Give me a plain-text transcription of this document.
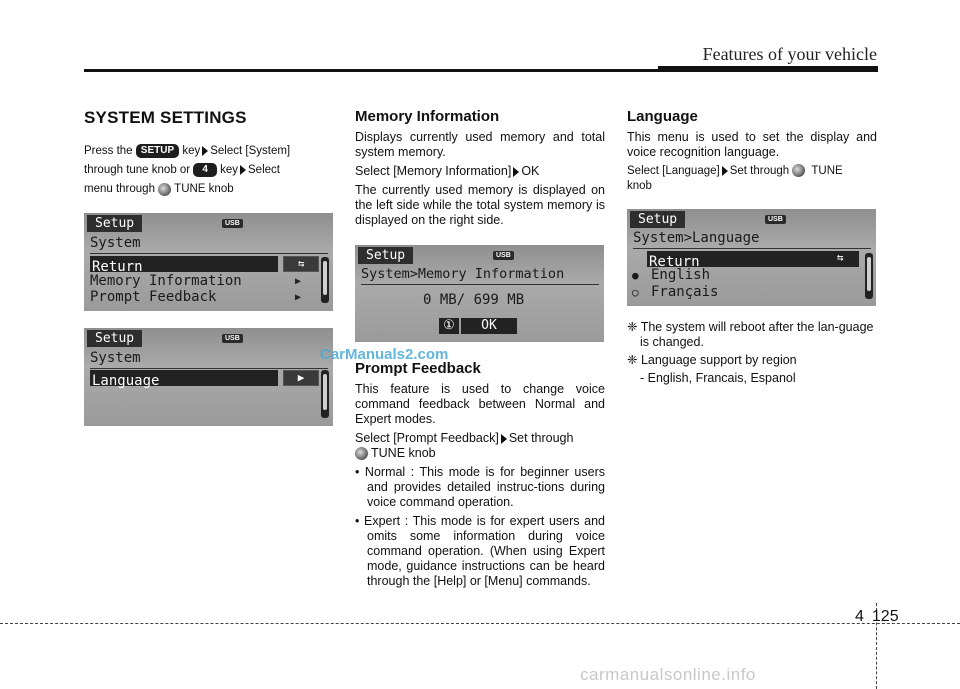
Features of your vehicle
SYSTEM SETTINGS

Press the SETUP key Select [System]

through tune knob or 4 key Select

menu through TUNE knob

Setup	USB
System
Return	⇆
Memory Information	▶
Prompt Feedback	▶
Setup	USB
System
Language	▶
Memory Information

Displays currently used memory and total system memory.

Select [Memory Information] OK

The currently used memory is displayed on the left side while the total system memory is displayed on the right side.

Setup	USB
System>Memory Information
0 MB/ 699 MB
①	OK
Prompt Feedback

This feature is used to change voice command feedback between Normal and Expert modes.

Select [Prompt Feedback] Set through
TUNE knob

• Normal : This mode is for beginner users and provides detailed instruc-tions during voice command operation.
• Expert : This mode is for expert users and omits some information during voice command operation. (When using Expert mode, guidance instructions can be heard through the [Help] or [Menu] commands.
Language

This menu is used to set the display and voice recognition language.

Select [Language] Set through TUNE
knob

Setup	USB
System>Language
Return	⇆
● English
○ Français
❈ The system will reboot after the lan-guage is changed.
❈ Language support by region
- English, Francais, Espanol
CarManuals2.com
4 125
carmanualsonline.info
